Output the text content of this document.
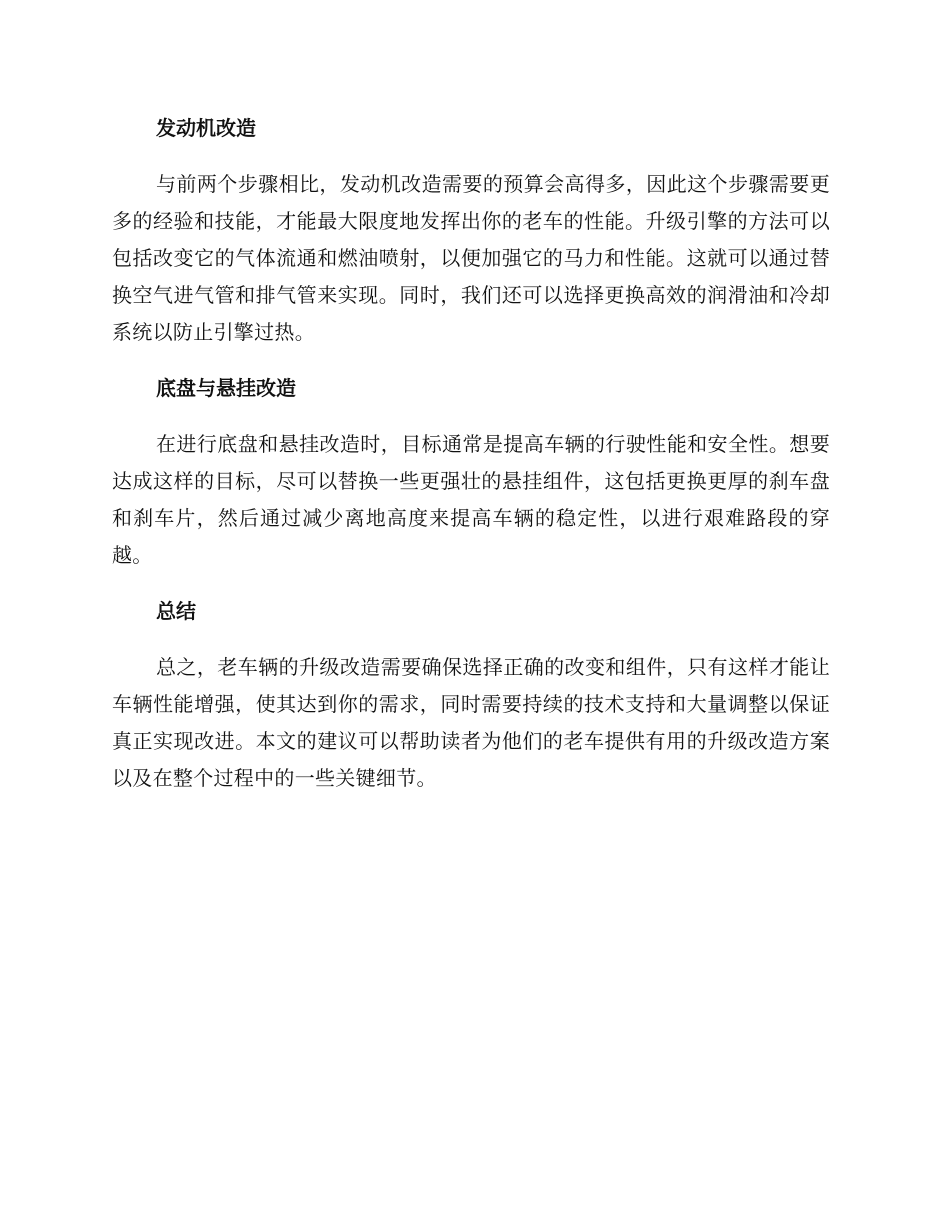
发动机改造

与前两个步骤相比，发动机改造需要的预算会高得多，因此这个步骤需要更多的经验和技能，才能最大限度地发挥出你的老车的性能。升级引擎的方法可以包括改变它的气体流通和燃油喷射，以便加强它的马力和性能。这就可以通过替换空气进气管和排气管来实现。同时，我们还可以选择更换高效的润滑油和冷却系统以防止引擎过热。

底盘与悬挂改造

在进行底盘和悬挂改造时，目标通常是提高车辆的行驶性能和安全性。想要达成这样的目标，尽可以替换一些更强壮的悬挂组件，这包括更换更厚的刹车盘和刹车片，然后通过减少离地高度来提高车辆的稳定性，以进行艰难路段的穿越。

总结

总之，老车辆的升级改造需要确保选择正确的改变和组件，只有这样才能让车辆性能增强，使其达到你的需求，同时需要持续的技术支持和大量调整以保证真正实现改进。本文的建议可以帮助读者为他们的老车提供有用的升级改造方案以及在整个过程中的一些关键细节。
